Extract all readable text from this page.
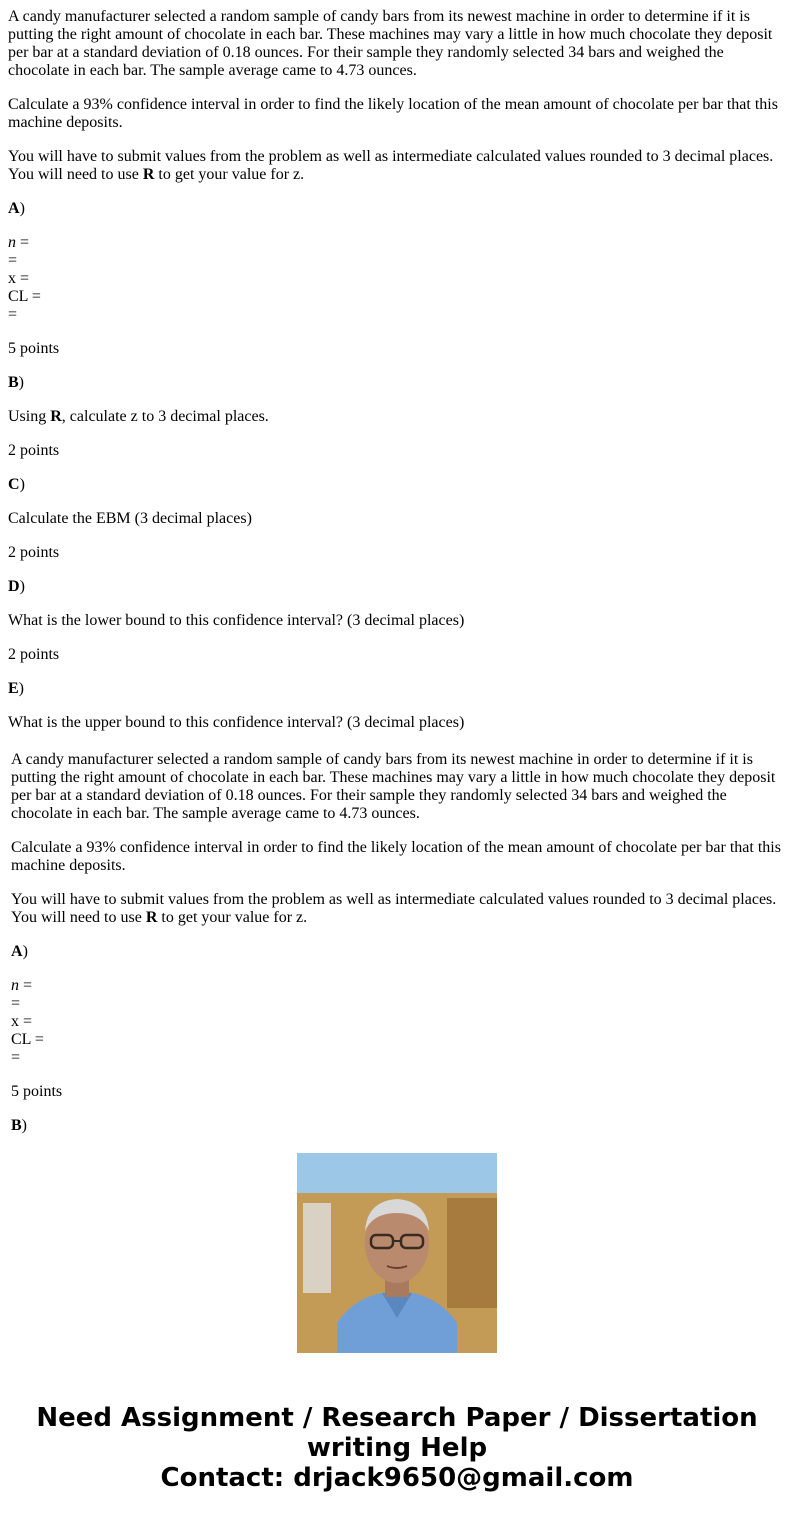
A candy manufacturer selected a random sample of candy bars from its newest machine in order to determine if it is putting the right amount of chocolate in each bar. These machines may vary a little in how much chocolate they deposit per bar at a standard deviation of 0.18 ounces. For their sample they randomly selected 34 bars and weighed the chocolate in each bar. The sample average came to 4.73 ounces.

Calculate a 93% confidence interval in order to find the likely location of the mean amount of chocolate per bar that this machine deposits.

You will have to submit values from the problem as well as intermediate calculated values rounded to 3 decimal places. You will need to use R to get your value for z.

A)

n =
=
x =
CL =
=

5 points

B)

Using R, calculate z to 3 decimal places.

2 points

C)

Calculate the EBM (3 decimal places)

2 points

D)

What is the lower bound to this confidence interval? (3 decimal places)

2 points

E)

What is the upper bound to this confidence interval? (3 decimal places)

A candy manufacturer selected a random sample of candy bars from its newest machine in order to determine if it is putting the right amount of chocolate in each bar. These machines may vary a little in how much chocolate they deposit per bar at a standard deviation of 0.18 ounces. For their sample they randomly selected 34 bars and weighed the chocolate in each bar. The sample average came to 4.73 ounces.

Calculate a 93% confidence interval in order to find the likely location of the mean amount of chocolate per bar that this machine deposits.

You will have to submit values from the problem as well as intermediate calculated values rounded to 3 decimal places. You will need to use R to get your value for z.

A)

n =
=
x =
CL =
=

5 points

B)

Need Assignment / Research Paper / Dissertation
writing Help
Contact: drjack9650@gmail.com
